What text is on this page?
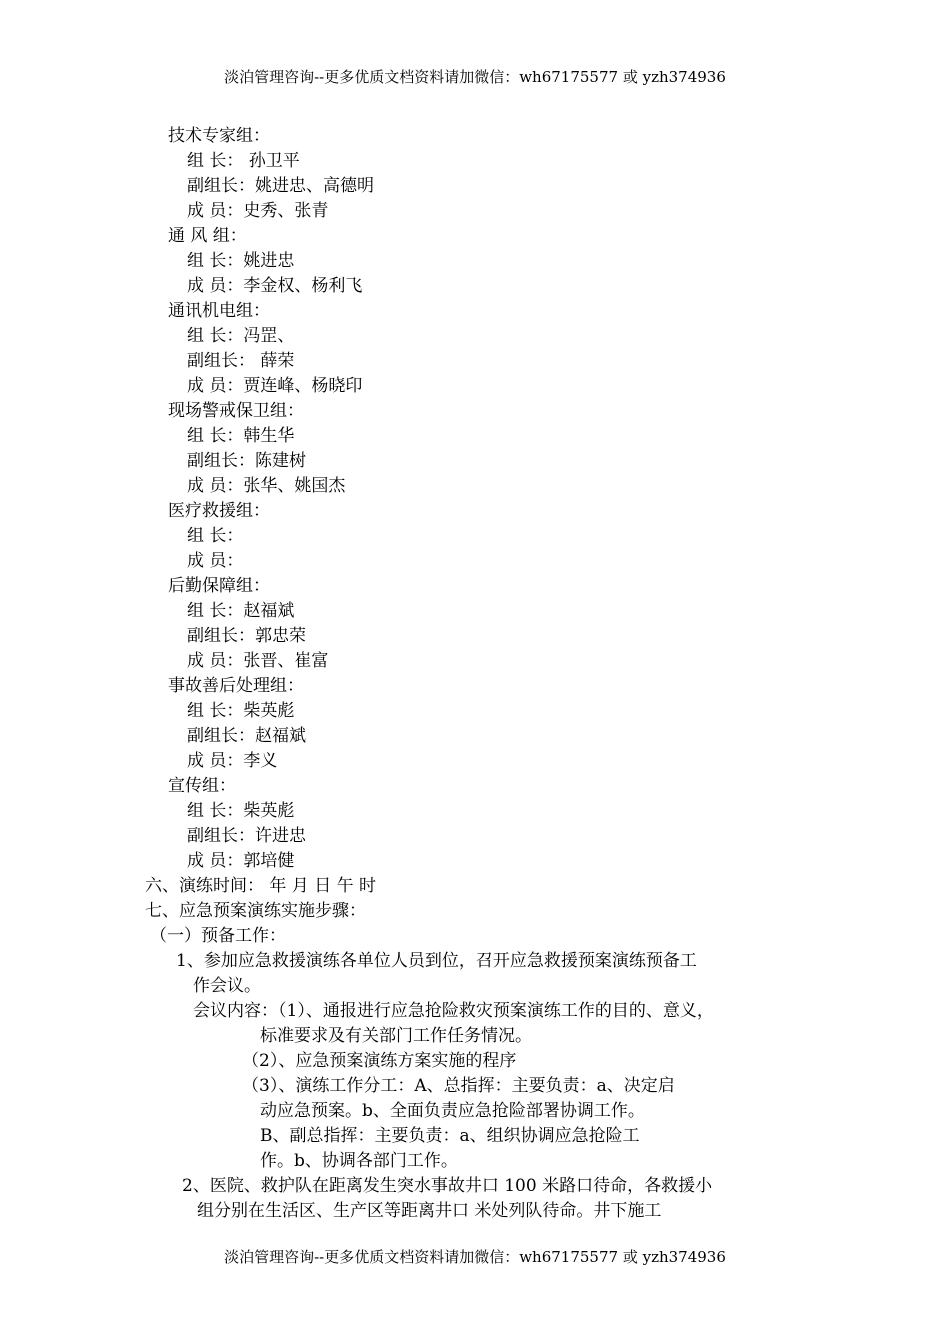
淡泊管理咨询--更多优质文档资料请加微信：wh67175577 或 yzh374936
技术专家组：
组 长： 孙卫平
副组长：姚进忠、高德明
成 员：史秀、张青
通 风 组：
组 长：姚进忠
成 员：李金权、杨利飞
通讯机电组：
组 长：冯罡、
副组长： 薛荣
成 员：贾连峰、杨晓印
现场警戒保卫组：
组 长：韩生华
副组长：陈建树
成 员：张华、姚国杰
医疗救援组：
组 长：
成 员：
后勤保障组：
组 长：赵福斌
副组长：郭忠荣
成 员：张晋、崔富
事故善后处理组：
组 长：柴英彪
副组长：赵福斌
成 员：李义
宣传组：
组 长：柴英彪
副组长：许进忠
成 员：郭培健
六、演练时间： 年 月 日 午 时
七、应急预案演练实施步骤：
（一）预备工作：
1、参加应急救援演练各单位人员到位，召开应急救援预案演练预备工
作会议。
会议内容：（1）、通报进行应急抢险救灾预案演练工作的目的、意义，
标准要求及有关部门工作任务情况。
（2）、应急预案演练方案实施的程序
（3）、演练工作分工：A、总指挥：主要负责：a、决定启
动应急预案。b、全面负责应急抢险部署协调工作。
B、副总指挥：主要负责：a、组织协调应急抢险工
作。b、协调各部门工作。
2、医院、救护队在距离发生突水事故井口 100 米路口待命，各救援小
组分别在生活区、生产区等距离井口 米处列队待命。井下施工
淡泊管理咨询--更多优质文档资料请加微信：wh67175577 或 yzh374936
